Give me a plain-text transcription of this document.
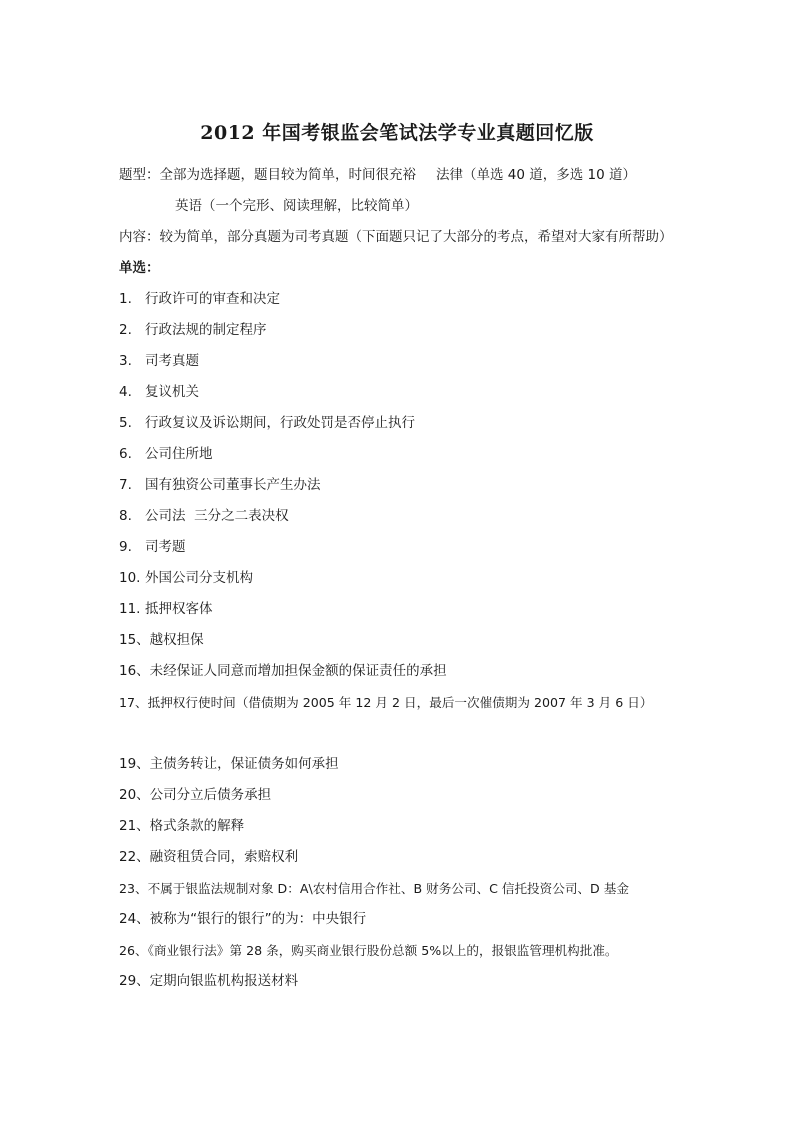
2012 年国考银监会笔试法学专业真题回忆版
题型：全部为选择题，题目较为简单，时间很充裕 法律（单选 40 道，多选 10 道）
英语（一个完形、阅读理解，比较简单）
内容：较为简单，部分真题为司考真题（下面题只记了大部分的考点，希望对大家有所帮助）
单选：
1. 行政许可的审查和决定
2. 行政法规的制定程序
3. 司考真题
4. 复议机关
5. 行政复议及诉讼期间，行政处罚是否停止执行
6. 公司住所地
7. 国有独资公司董事长产生办法
8. 公司法  三分之二表决权
9. 司考题
10. 外国公司分支机构
11. 抵押权客体
15、越权担保
16、未经保证人同意而增加担保金额的保证责任的承担
17、抵押权行使时间（借债期为 2005 年 12 月 2 日，最后一次催债期为 2007 年 3 月 6 日）
19、主债务转让，保证债务如何承担
20、公司分立后债务承担
21、格式条款的解释
22、融资租赁合同，索赔权利
23、不属于银监法规制对象 D：A\农村信用合作社、B 财务公司、C 信托投资公司、D 基金
24、被称为“银行的银行”的为：中央银行
26、《商业银行法》第 28 条，购买商业银行股份总额 5%以上的，报银监管理机构批准。
29、定期向银监机构报送材料
